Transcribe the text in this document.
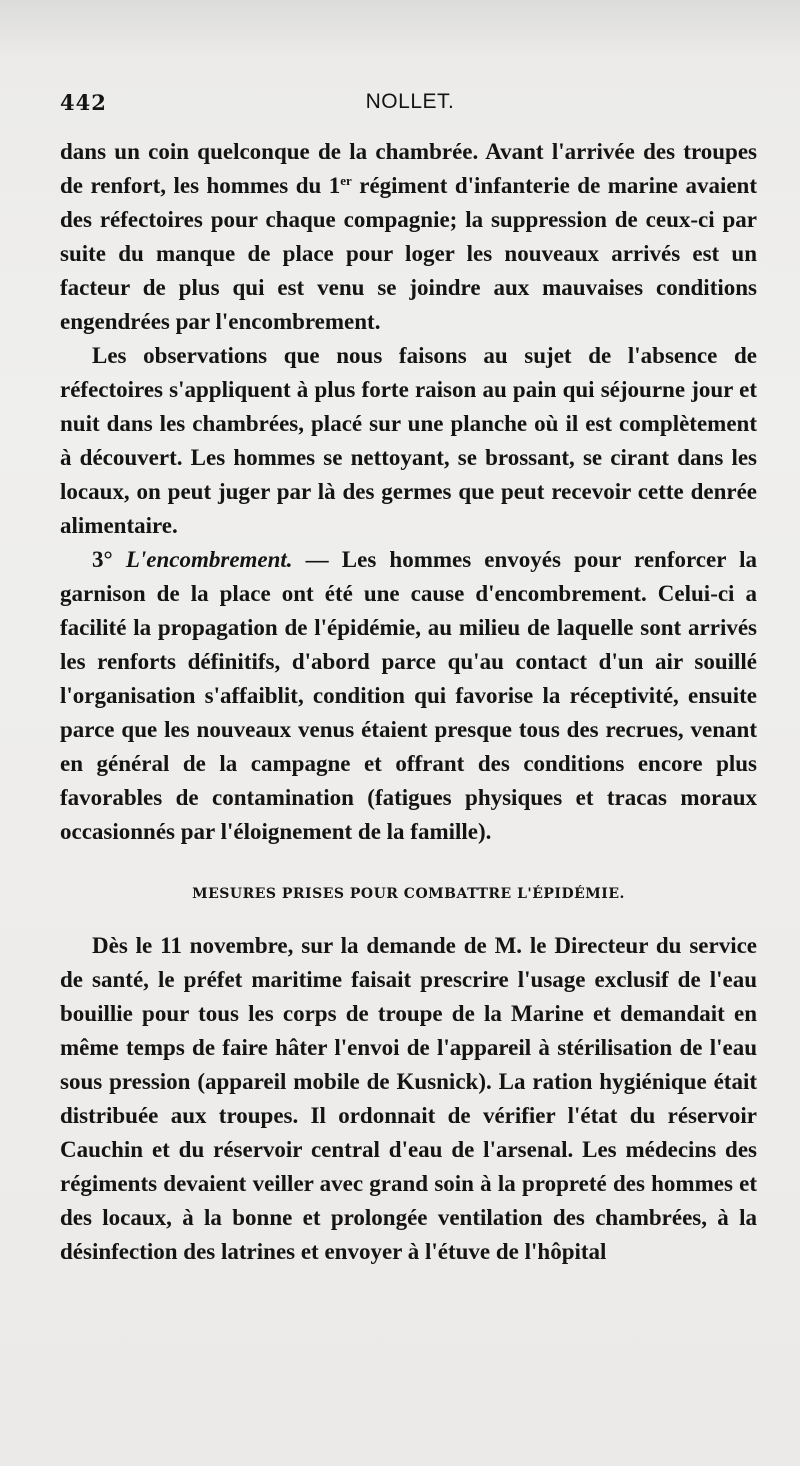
442	NOLLET.

dans un coin quelconque de la chambrée. Avant l'arrivée des troupes de renfort, les hommes du 1er régiment d'infanterie de marine avaient des réfectoires pour chaque compagnie; la suppression de ceux-ci par suite du manque de place pour loger les nouveaux arrivés est un facteur de plus qui est venu se joindre aux mauvaises conditions engendrées par l'encombrement.

Les observations que nous faisons au sujet de l'absence de réfectoires s'appliquent à plus forte raison au pain qui séjourne jour et nuit dans les chambrées, placé sur une planche où il est complètement à découvert. Les hommes se nettoyant, se brossant, se cirant dans les locaux, on peut juger par là des germes que peut recevoir cette denrée alimentaire.

3° L'encombrement. — Les hommes envoyés pour renforcer la garnison de la place ont été une cause d'encombrement. Celui-ci a facilité la propagation de l'épidémie, au milieu de laquelle sont arrivés les renforts définitifs, d'abord parce qu'au contact d'un air souillé l'organisation s'affaiblit, condition qui favorise la réceptivité, ensuite parce que les nouveaux venus étaient presque tous des recrues, venant en général de la campagne et offrant des conditions encore plus favorables de contamination (fatigues physiques et tracas moraux occasionnés par l'éloignement de la famille).

MESURES PRISES POUR COMBATTRE L'ÉPIDÉMIE.

Dès le 11 novembre, sur la demande de M. le Directeur du service de santé, le préfet maritime faisait prescrire l'usage exclusif de l'eau bouillie pour tous les corps de troupe de la Marine et demandait en même temps de faire hâter l'envoi de l'appareil à stérilisation de l'eau sous pression (appareil mobile de Kusnick). La ration hygiénique était distribuée aux troupes. Il ordonnait de vérifier l'état du réservoir Cauchin et du réservoir central d'eau de l'arsenal. Les médecins des régiments devaient veiller avec grand soin à la propreté des hommes et des locaux, à la bonne et prolongée ventilation des chambrées, à la désinfection des latrines et envoyer à l'étuve de l'hôpital
